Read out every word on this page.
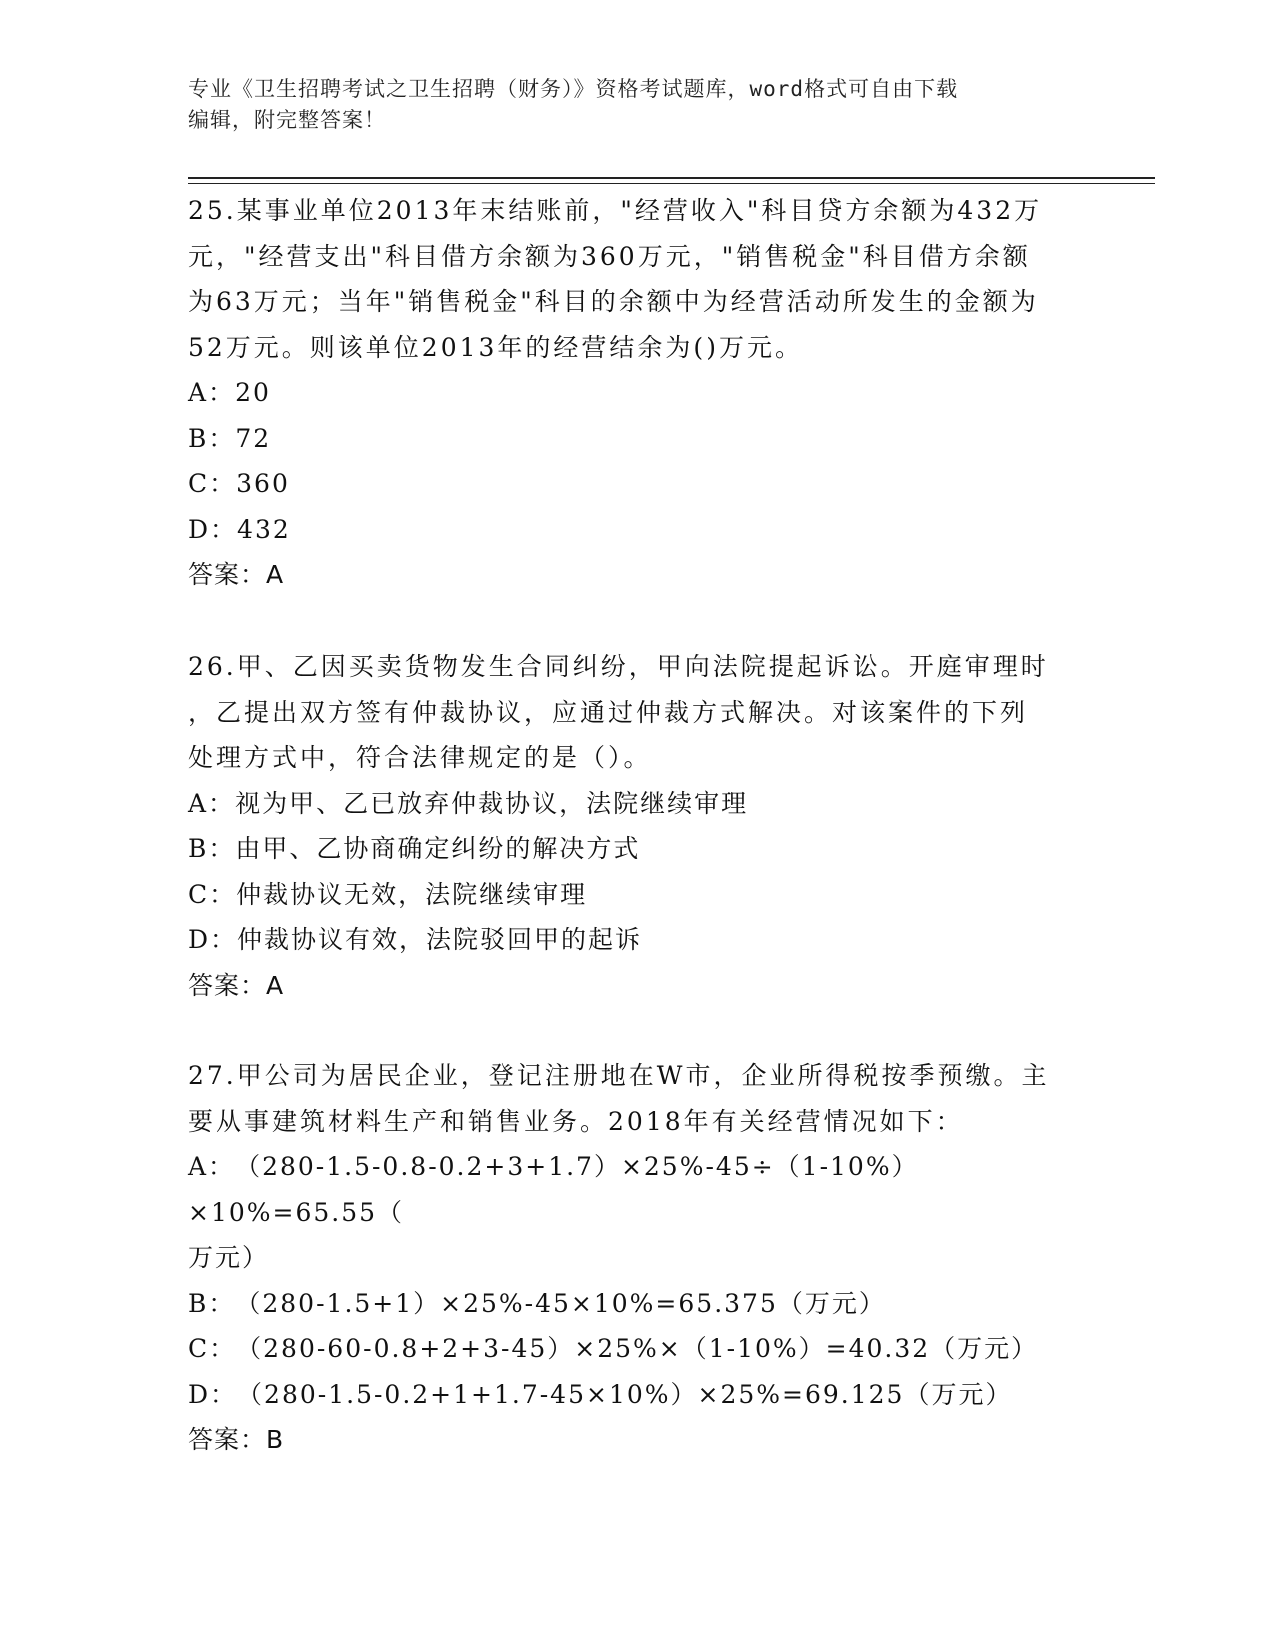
专业《卫生招聘考试之卫生招聘（财务）》资格考试题库，word格式可自由下载
编辑，附完整答案！

25.某事业单位2013年末结账前，"经营收入"科目贷方余额为432万

元，"经营支出"科目借方余额为360万元，"销售税金"科目借方余额

为63万元；当年"销售税金"科目的余额中为经营活动所发生的金额为

52万元。则该单位2013年的经营结余为()万元。

A：20

B：72

C：360

D：432

答案：A

26.甲、乙因买卖货物发生合同纠纷，甲向法院提起诉讼。开庭审理时

，乙提出双方签有仲裁协议，应通过仲裁方式解决。对该案件的下列

处理方式中，符合法律规定的是（）。

A：视为甲、乙已放弃仲裁协议，法院继续审理

B：由甲、乙协商确定纠纷的解决方式

C：仲裁协议无效，法院继续审理

D：仲裁协议有效，法院驳回甲的起诉

答案：A

27.甲公司为居民企业，登记注册地在W市，企业所得税按季预缴。主

要从事建筑材料生产和销售业务。2018年有关经营情况如下：

A：（280-1.5-0.8-0.2+3+1.7）×25%-45÷（1-10%）×10%=65.55（

万元）

B：（280-1.5+1）×25%-45×10%=65.375（万元）

C：（280-60-0.8+2+3-45）×25%×（1-10%）=40.32（万元）

D：（280-1.5-0.2+1+1.7-45×10%）×25%=69.125（万元）

答案：B
